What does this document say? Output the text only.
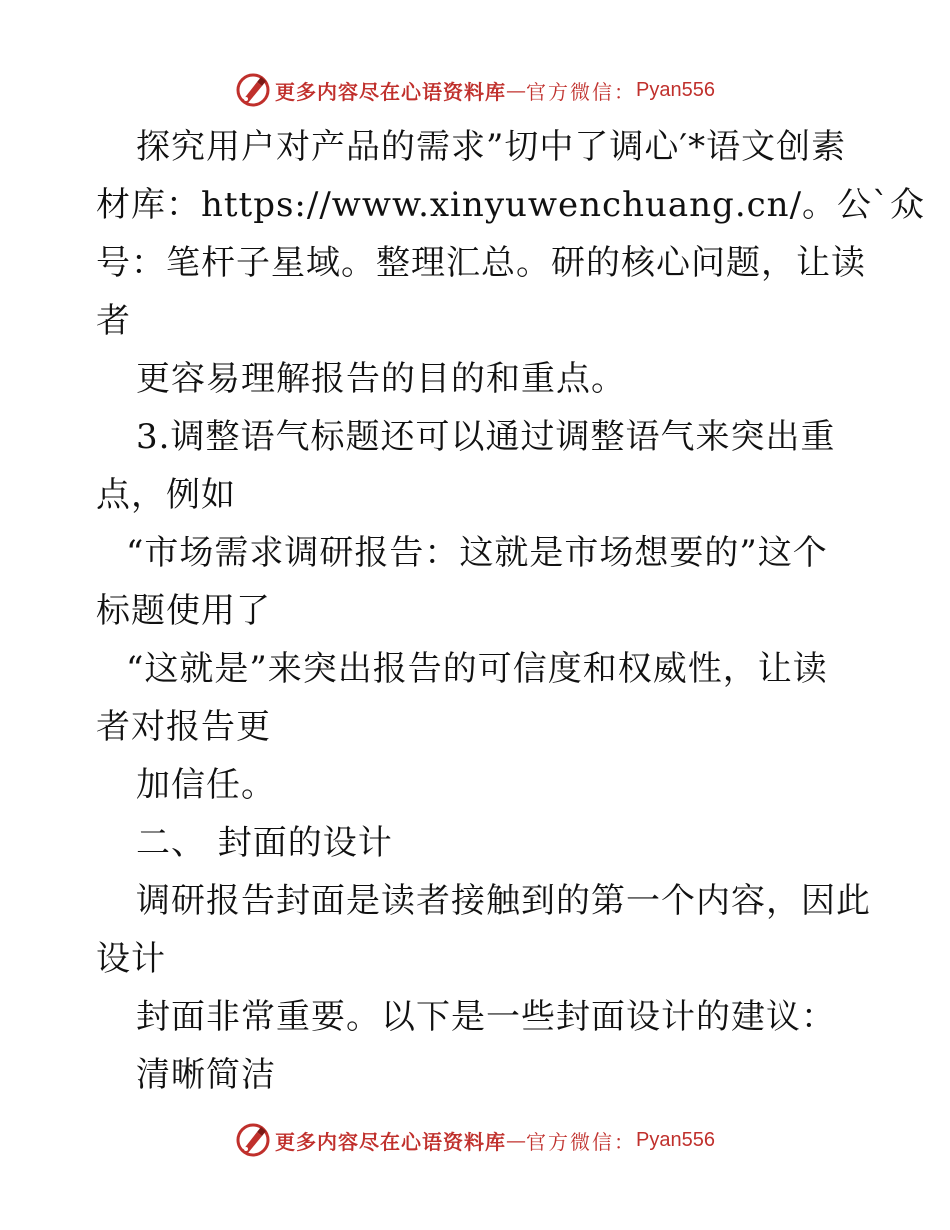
更多内容尽在心语资料库 — 官方微信： Pyan556
探究用户对产品的需求”切中了调心′*语文创素
材库：https://www.xinyuwenchuang.cn/。公`众
号：笔杆子星域。整理汇总。研的核心问题，让读
者
更容易理解报告的目的和重点。
3.调整语气标题还可以通过调整语气来突出重
点，例如
“市场需求调研报告：这就是市场想要的”这个
标题使用了
“这就是”来突出报告的可信度和权威性，让读
者对报告更
加信任。
二、 封面的设计
调研报告封面是读者接触到的第一个内容，因此
设计
封面非常重要。以下是一些封面设计的建议：
清晰简洁
更多内容尽在心语资料库 — 官方微信： Pyan556
